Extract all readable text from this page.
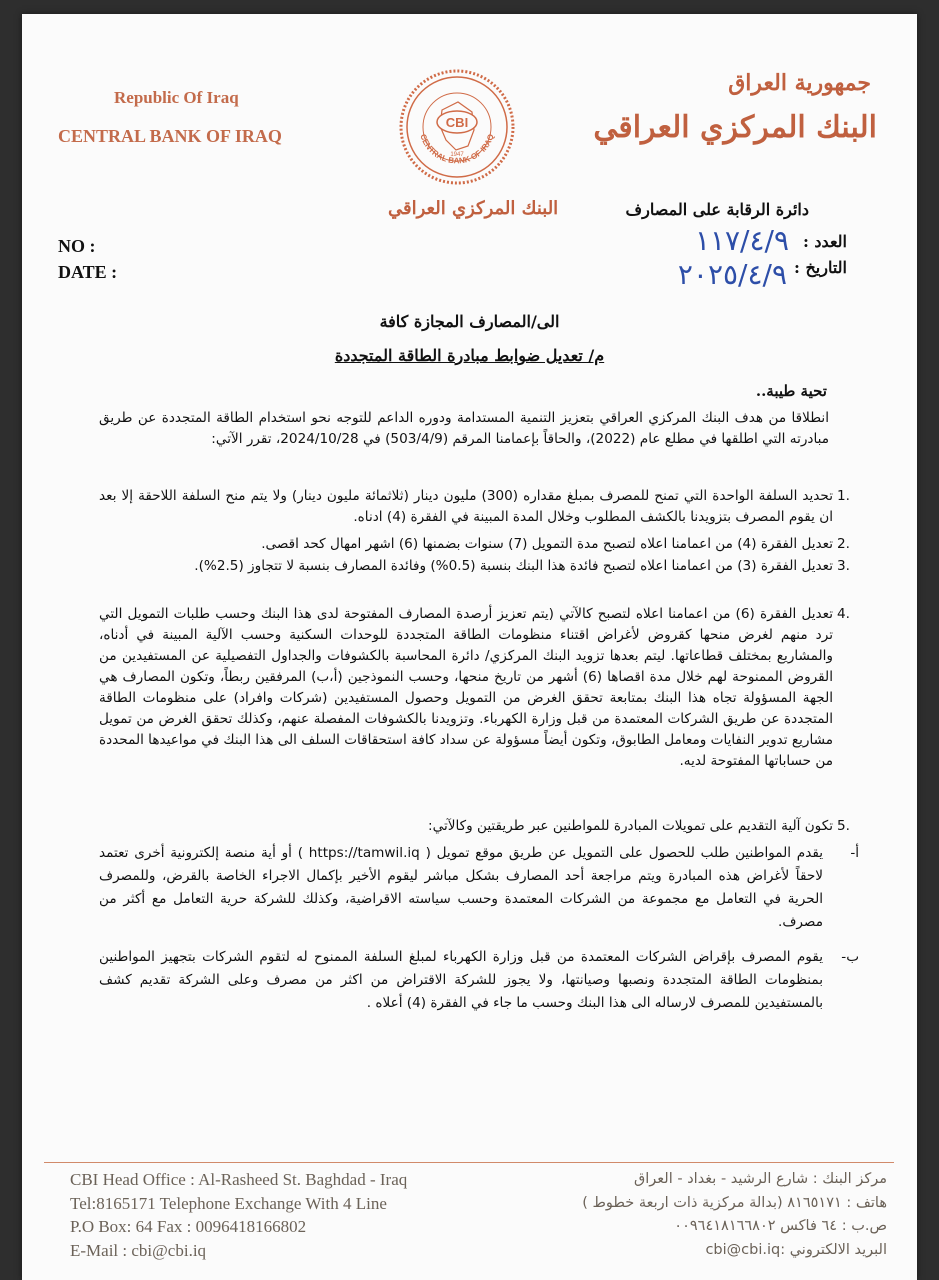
Republic Of Iraq
CENTRAL BANK OF IRAQ
جمهورية العراق
البنك المركزي العراقي
CBI
1947
CENTRAL BANK OF IRAQ
البنك المركزي العراقي	دائرة الرقابة على المصارف
NO :
DATE :
العدد :
التاريخ :
١١٧/٤/٩
٢٠٢٥/٤/٩
الى/المصارف المجازة كافة
م/ تعديل ضوابط مبادرة الطاقة المتجددة
تحية طيبة..
انطلاقا من هدف البنك المركزي العراقي بتعزيز التنمية المستدامة ودوره الداعم للتوجه نحو استخدام الطاقة المتجددة عن طريق مبادرته التي اطلقها في مطلع عام (2022)، والحاقاً بإعمامنا المرقم (503/4/9) في 2024/10/28، تقرر الآتي:
1.
تحديد السلفة الواحدة التي تمنح للمصرف بمبلغ مقداره (300) مليون دينار (ثلاثمائة مليون دينار) ولا يتم منح السلفة اللاحقة إلا بعد ان يقوم المصرف بتزويدنا بالكشف المطلوب وخلال المدة المبينة في الفقرة (4) ادناه.
2.
تعديل الفقرة (4) من اعمامنا اعلاه لتصبح مدة التمويل (7) سنوات بضمنها (6) اشهر امهال كحد اقصى.
3.
تعديل الفقرة (3) من اعمامنا اعلاه لتصبح فائدة هذا البنك بنسبة (0.5%) وفائدة المصارف بنسبة لا تتجاوز (2.5%).
4.
تعديل الفقرة (6) من اعمامنا اعلاه لتصبح كالآتي (يتم تعزيز أرصدة المصارف المفتوحة لدى هذا البنك وحسب طلبات التمويل التي ترد منهم لغرض منحها كقروض لأغراض اقتناء منظومات الطاقة المتجددة للوحدات السكنية وحسب الآلية المبينة في أدناه، والمشاريع بمختلف قطاعاتها. ليتم بعدها تزويد البنك المركزي/ دائرة المحاسبة بالكشوفات والجداول التفصيلية عن المستفيدين من القروض الممنوحة لهم خلال مدة اقصاها (6) أشهر من تاريخ منحها، وحسب النموذجين (أ،ب) المرفقين ربطاً، وتكون المصارف هي الجهة المسؤولة تجاه هذا البنك بمتابعة تحقق الغرض من التمويل وحصول المستفيدين (شركات وافراد) على منظومات الطاقة المتجددة عن طريق الشركات المعتمدة من قبل وزارة الكهرباء. وتزويدنا بالكشوفات المفصلة عنهم، وكذلك تحقق الغرض من تمويل مشاريع تدوير النفايات ومعامل الطابوق، وتكون أيضاً مسؤولة عن سداد كافة استحقاقات السلف الى هذا البنك في مواعيدها المحددة من حساباتها المفتوحة لديه.
5.
تكون آلية التقديم على تمويلات المبادرة للمواطنين عبر طريقتين وكالآتي:
أ-
يقدم المواطنين طلب للحصول على التمويل عن طريق موقع تمويل ( https://tamwil.iq ) أو أية منصة إلكترونية أخرى تعتمد لاحقاً لأغراض هذه المبادرة ويتم مراجعة أحد المصارف بشكل مباشر ليقوم الأخير بإكمال الاجراء الخاصة بالقرض، وللمصرف الحرية في التعامل مع مجموعة من الشركات المعتمدة وحسب سياسته الاقراضية، وكذلك للشركة حرية التعامل مع أكثر من مصرف.
ب-
يقوم المصرف بإقراض الشركات المعتمدة من قبل وزارة الكهرباء لمبلغ السلفة الممنوح له لتقوم الشركات بتجهيز المواطنين بمنظومات الطاقة المتجددة ونصبها وصيانتها، ولا يجوز للشركة الاقتراض من اكثر من مصرف وعلى الشركة تقديم كشف بالمستفيدين للمصرف لارساله الى هذا البنك وحسب ما جاء في الفقرة (4) أعلاه .
CBI Head Office : Al-Rasheed St. Baghdad - Iraq
Tel:8165171 Telephone Exchange With 4 Line
P.O Box: 64 Fax : 0096418166802
E-Mail : cbi@cbi.iq
مركز البنك : شارع الرشيد - بغداد - العراق
هاتف : ٨١٦٥١٧١ (بدالة مركزية ذات اربعة خطوط )
ص.ب : ٦٤ فاكس ٠٠٩٦٤١٨١٦٦٨٠٢
البريد الالكتروني :cbi@cbi.iq
